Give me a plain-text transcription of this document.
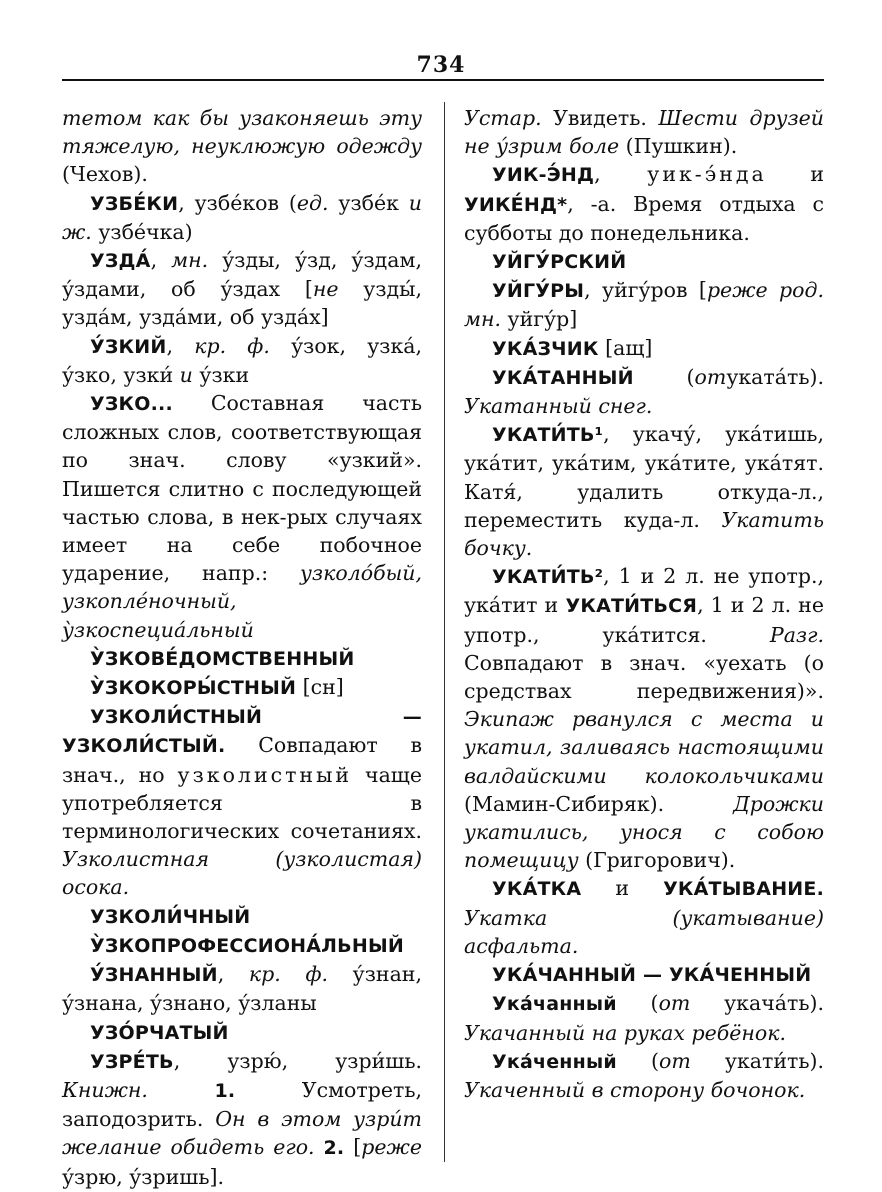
734

тетом как бы узаконяешь эту тяжелую, неуклюжую одежду (Чехов).

УЗБЕ́КИ, узбе́ков (ед. узбе́к и ж. узбе́чка)

УЗДА́, мн. у́зды, у́зд, у́здам, у́здами, об у́здах [не узды́, узда́м, узда́ми, об узда́х]

У́ЗКИЙ, кр. ф. у́зок, узка́, у́зко, узки́ и у́зки

УЗКО... Составная часть сложных слов, соответствующая по знач. слову «узкий». Пишется слитно с последующей частью слова, в нек-рых случаях имеет на себе побочное ударение, напр.: узколо́бый, узкопле́ночный, у̀зкоспециа́льный

У̀ЗКОВЕ́ДОМСТВЕННЫЙ

У̀ЗКОКОРЫ́СТНЫЙ [сн]

УЗКОЛИ́СТНЫЙ — УЗКОЛИ́СТЫЙ. Совпадают в знач., но узколистный чаще употребляется в терминологических сочетаниях. Узколистная (узколистая) осока.

УЗКОЛИ́ЧНЫЙ

У̀ЗКОПРОФЕССИОНА́ЛЬНЫЙ

У́ЗНАННЫЙ, кр. ф. у́знан, у́знана, у́знано, у́зланы

УЗО́РЧАТЫЙ

УЗРЕ́ТЬ, узрю́, узри́шь. Книжн.	1. Усмотреть, заподозрить. Он в этом узри́т желание обидеть его. 2. [реже у́зрю, у́зришь].

Устар. Увидеть. Шести друзей не у́зрим боле (Пушкин).

УИК-Э́НД, уик-э́нда и УИКЕ́НД*, -а. Время отдыха с субботы до понедельника.

УЙГУ́РСКИЙ

УЙГУ́РЫ, уйгу́ров [реже род. мн. уйгу́р]

УКА́ЗЧИК [ащ]

УКА́ТАННЫЙ (отуката́ть). Укатанный снег.

УКАТИ́ТЬ¹, укачу́, ука́тишь, ука́тит, ука́тим, ука́тите, ука́тят. Катя́, удалить откуда-л., переместить куда-л. Укатить бочку.

УКАТИ́ТЬ², 1 и 2 л. не употр., ука́тит и УКАТИ́ТЬСЯ, 1 и 2 л. не употр., ука́тится. Разг. Совпадают в знач. «уехать (о средствах передвижения)». Экипаж рванулся с места и укатил, заливаясь настоящими валдайскими колокольчиками (Мамин-Сибиряк). Дрожки укатились, унося с собою помещицу (Григорович).

УКА́ТКА и УКА́ТЫВАНИЕ. Укатка (укатывание) асфальта.

УКА́ЧАННЫЙ — УКА́ЧЕННЫЙ

Ука́чанный (от укача́ть). Укачанный на руках ребёнок.

Ука́ченный (от укати́ть). Укаченный в сторону бочонок.
